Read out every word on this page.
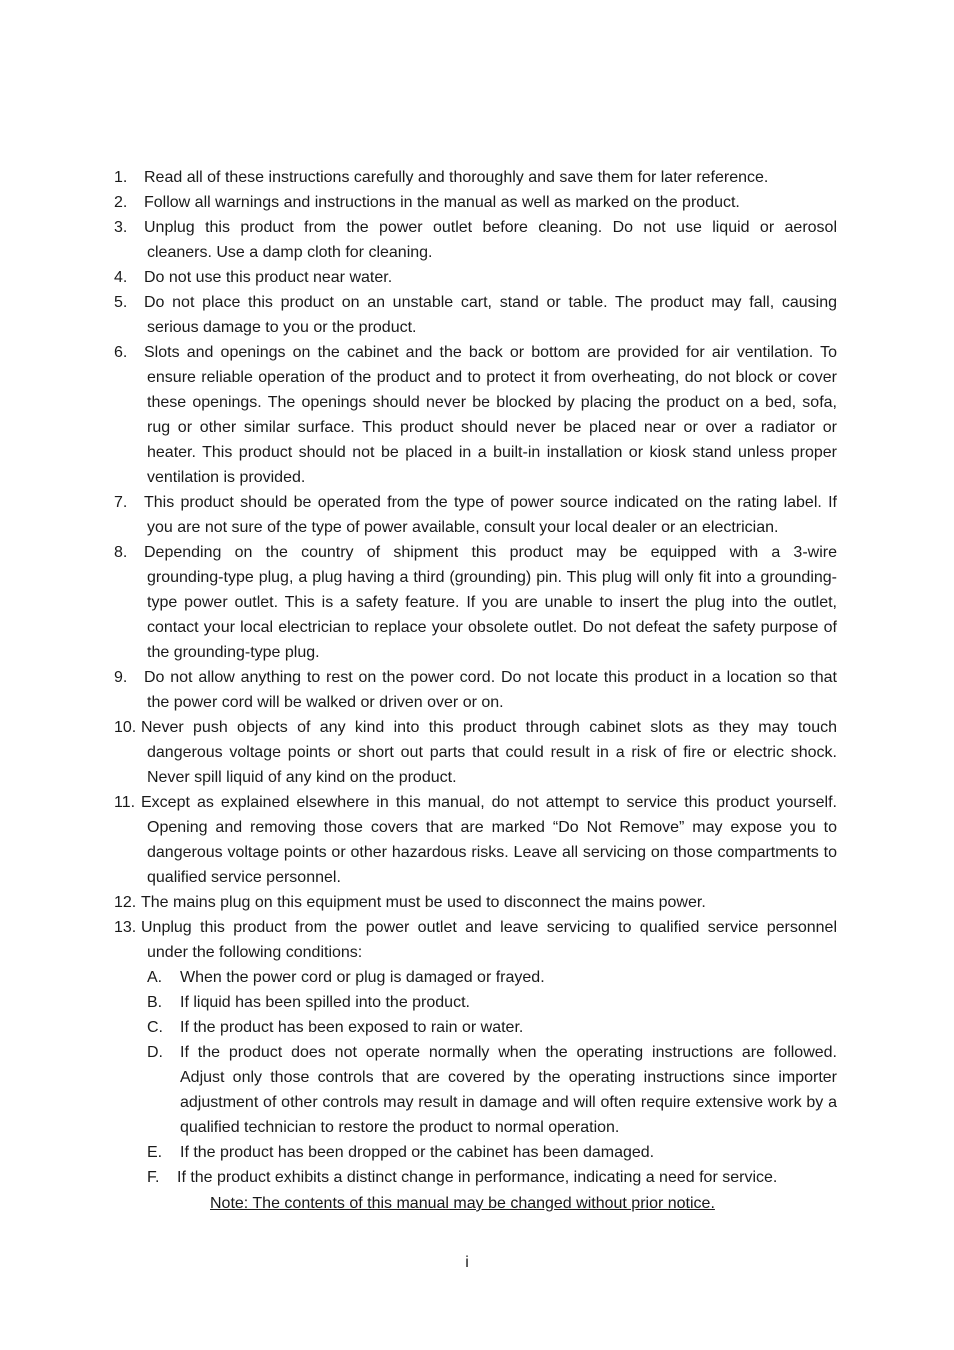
1.	Read all of these instructions carefully and thoroughly and save them for later reference.
2.	Follow all warnings and instructions in the manual as well as marked on the product.
3.	Unplug this product from the power outlet before cleaning. Do not use liquid or aerosol
cleaners. Use a damp cloth for cleaning.
4.	Do not use this product near water.
5.	Do not place this product on an unstable cart, stand or table. The product may fall, causing
serious damage to you or the product.
6.	Slots and openings on the cabinet and the back or bottom are provided for air ventilation. To
ensure reliable operation of the product and to protect it from overheating, do not block or cover these openings. The openings should never be blocked by placing the product on a bed, sofa, rug or other similar surface. This product should never be placed near or over a radiator or heater. This product should not be placed in a built-in installation or kiosk stand unless proper ventilation is provided.
7.	This product should be operated from the type of power source indicated on the rating label. If
you are not sure of the type of power available, consult your local dealer or an electrician.
8.	Depending on the country of shipment this product may be equipped with a 3-wire
grounding-type plug, a plug having a third (grounding) pin. This plug will only fit into a grounding-type power outlet. This is a safety feature. If you are unable to insert the plug into the outlet, contact your local electrician to replace your obsolete outlet. Do not defeat the safety purpose of the grounding-type plug.
9.	Do not allow anything to rest on the power cord. Do not locate this product in a location so that
the power cord will be walked or driven over or on.
10. Never push objects of any kind into this product through cabinet slots as they may touch
dangerous voltage points or short out parts that could result in a risk of fire or electric shock. Never spill liquid of any kind on the product.
11. Except as explained elsewhere in this manual, do not attempt to service this product yourself.
Opening and removing those covers that are marked “Do Not Remove” may expose you to dangerous voltage points or other hazardous risks. Leave all servicing on those compartments to qualified service personnel.
12. The mains plug on this equipment must be used to disconnect the mains power.
13. Unplug this product from the power outlet and leave servicing to qualified service personnel
under the following conditions:
A.	When the power cord or plug is damaged or frayed.
B.	If liquid has been spilled into the product.
C.	If the product has been exposed to rain or water.
D.	If the product does not operate normally when the operating instructions are followed.
Adjust only those controls that are covered by the operating instructions since importer adjustment of other controls may result in damage and will often require extensive work by a qualified technician to restore the product to normal operation.
E.	If the product has been dropped or the cabinet has been damaged.
F.	If the product exhibits a distinct change in performance, indicating a need for service.
Note: The contents of this manual may be changed without prior notice.
i
